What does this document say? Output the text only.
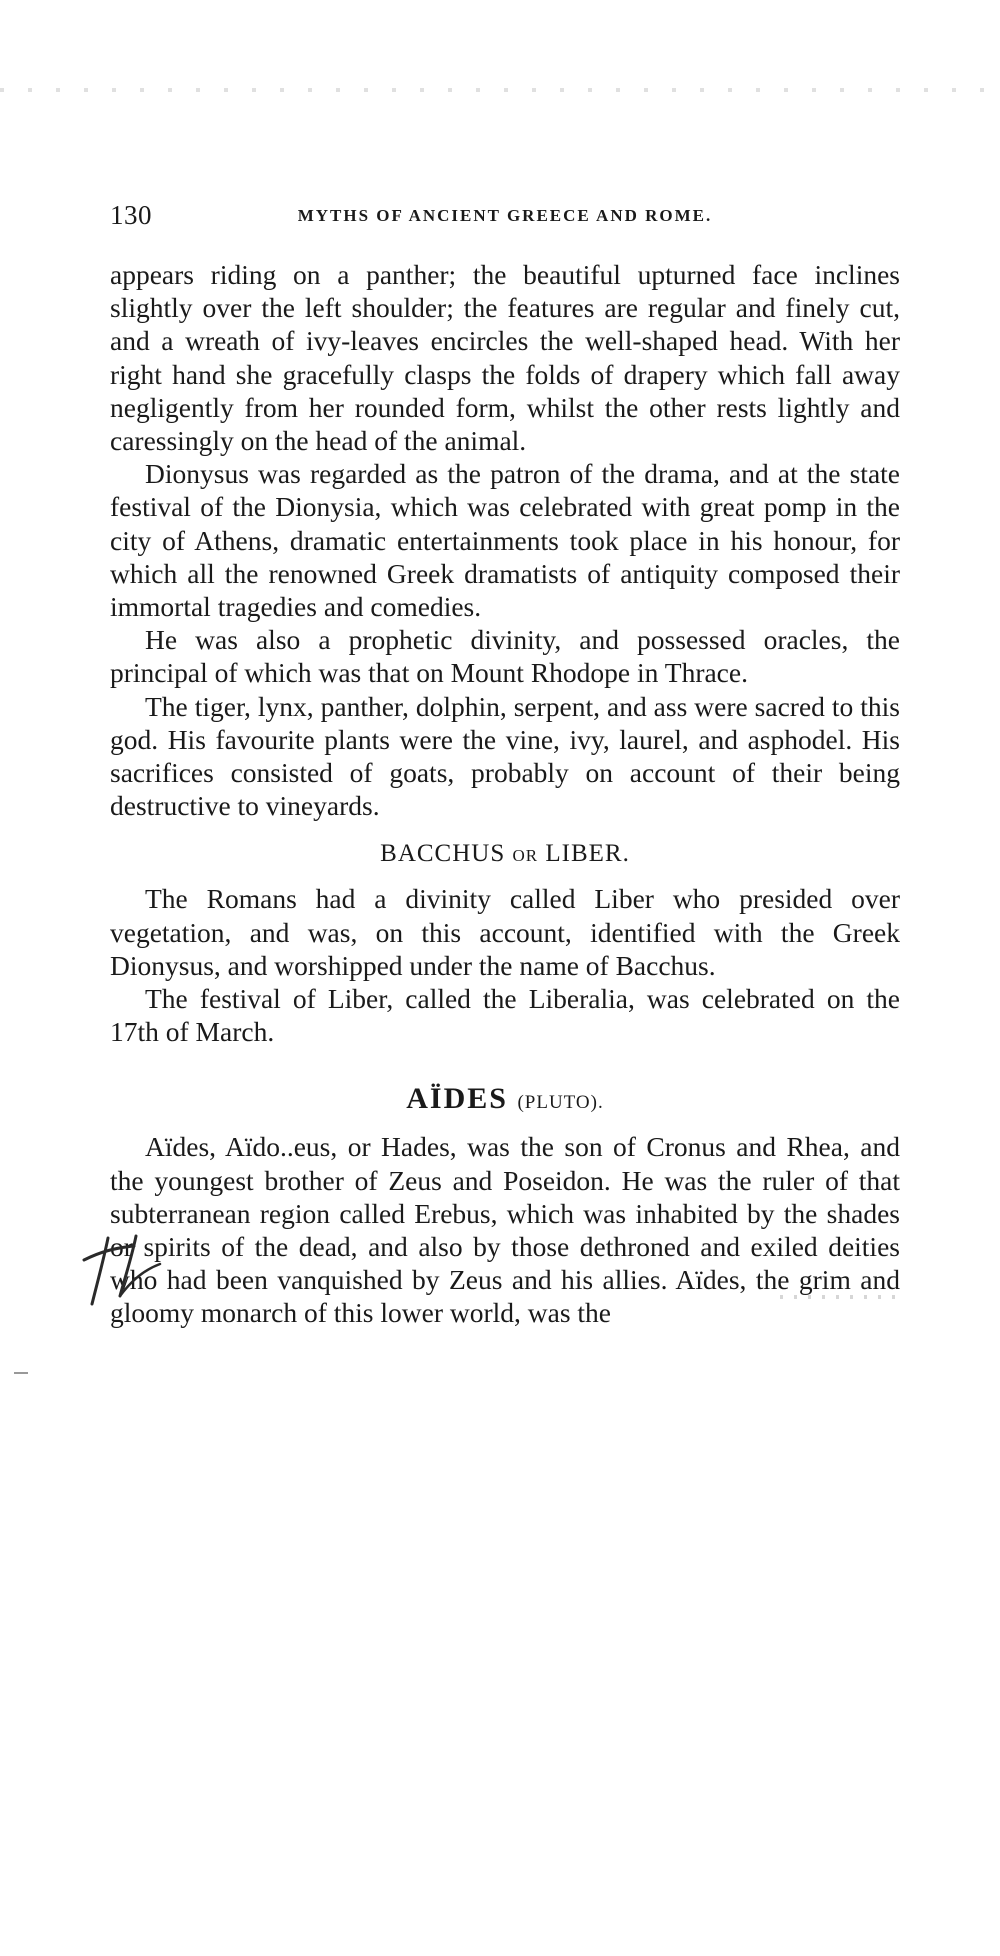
130	MYTHS OF ANCIENT GREECE AND ROME.

appears riding on a panther; the beautiful upturned face inclines slightly over the left shoulder; the features are regular and finely cut, and a wreath of ivy-leaves encircles the well-shaped head. With her right hand she gracefully clasps the folds of drapery which fall away negligently from her rounded form, whilst the other rests lightly and caressingly on the head of the animal.

Dionysus was regarded as the patron of the drama, and at the state festival of the Dionysia, which was celebrated with great pomp in the city of Athens, dramatic entertainments took place in his honour, for which all the renowned Greek dramatists of antiquity composed their immortal tragedies and comedies.

He was also a prophetic divinity, and possessed oracles, the principal of which was that on Mount Rhodope in Thrace.

The tiger, lynx, panther, dolphin, serpent, and ass were sacred to this god. His favourite plants were the vine, ivy, laurel, and asphodel. His sacrifices consisted of goats, probably on account of their being destructive to vineyards.

BACCHUS OR LIBER.

The Romans had a divinity called Liber who presided over vegetation, and was, on this account, identified with the Greek Dionysus, and worshipped under the name of Bacchus.

The festival of Liber, called the Liberalia, was celebrated on the 17th of March.

AÏDES (PLUTO).

Aïdes, Aïdo..eus, or Hades, was the son of Cronus and Rhea, and the youngest brother of Zeus and Poseidon. He was the ruler of that subterranean region called Erebus, which was inhabited by the shades or spirits of the dead, and also by those dethroned and exiled deities who had been vanquished by Zeus and his allies. Aïdes, the grim and gloomy monarch of this lower world, was the
